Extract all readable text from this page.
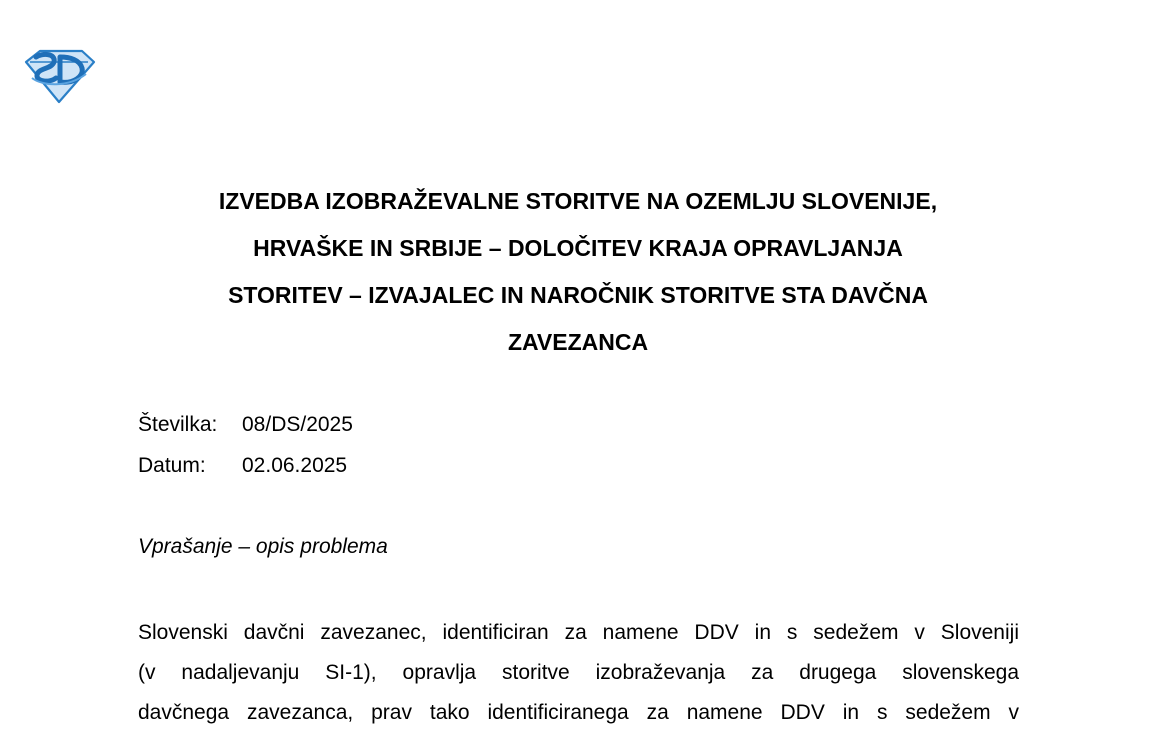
IZVEDBA IZOBRAŽEVALNE STORITVE NA OZEMLJU SLOVENIJE,
HRVAŠKE IN SRBIJE – DOLOČITEV KRAJA OPRAVLJANJA
STORITEV – IZVAJALEC IN NAROČNIK STORITVE STA DAVČNA
ZAVEZANCA
Številka: 08/DS/2025
Datum: 02.06.2025
Vprašanje – opis problema
Slovenski davčni zavezanec, identificiran za namene DDV in s sedežem v Sloveniji
(v nadaljevanju SI-1), opravlja storitve izobraževanja za drugega slovenskega
davčnega zavezanca, prav tako identificiranega za namene DDV in s sedežem v
